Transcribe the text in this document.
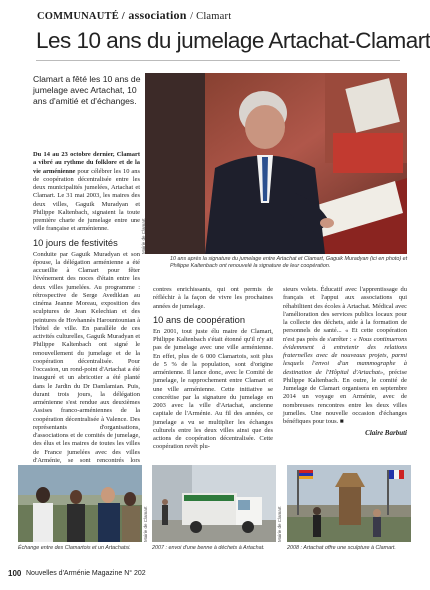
COMMUNAUTÉ / association / Clamart
Les 10 ans du jumelage Artachat-Clamart
Clamart a fêté les 10 ans de jumelage avec Artachat, 10 ans d'amitié et d'échanges.
Mairie de Clamart
10 ans après la signature du jumelage entre Artachat et Clamart, Gaguik Muradyan (ici en photo) et Philippe Kaltenbach ont renouvelé la signature de leur coopération.

Du 14 au 23 octobre dernier, Clamart a vibré au rythme du folklore et de la vie arménienne pour célébrer les 10 ans de coopération décentralisée entre les deux municipalités jumelées, Artachat et Clamart. Le 31 mai 2003, les maires des deux villes, Gaguik Muradyan et Philippe Kaltenbach, signaient la toute première charte de jumelage entre une ville française et arménienne.

10 jours de festivités

Conduite par Gaguik Muradyan et son épouse, la délégation arménienne a été accueillie à Clamart pour fêter l'événement des noces d'étain entre les deux villes jumelées. Au programme : rétrospective de Serge Avedikian au cinéma Jeanne Moreau, exposition des sculptures de Jean Kelechian et des peintures de Hovhannès Harountounian à l'hôtel de ville. En parallèle de ces activités culturelles, Gaguik Muradyan et Philippe Kaltenbach ont signé le renouvellement du jumelage et de la coopération décentralisée. Pour l'occasion, un rond-point d'Artachat a été inauguré et un abricotier a été planté dans le Jardin du Dr Damlamian. Puis, durant trois jours, la délégation arménienne s'est rendue aux deuxièmes Assises franco-arméniennes de la coopération décentralisée à Valence. Des représentants d'organisations, d'associations et de comités de jumelage, des élus et les maires de toutes les villes de France jumelées avec des villes d'Arménie, se sont rencontrés lors

contres enrichissants, qui ont permis de réfléchir à la façon de vivre les prochaines années de jumelage.

10 ans de coopération

En 2001, tout juste élu maire de Clamart, Philippe Kaltenbach s'était étonné qu'il n'y ait pas de jumelage avec une ville arménienne. En effet, plus de 6 000 Clamartois, soit plus de 5 % de la population, sont d'origine arménienne. Il lance donc, avec le Comité de jumelage, le rapprochement entre Clamart et une ville arménienne. Cette initiative se concrétise par la signature du jumelage en 2003 avec la ville d'Artachat, ancienne capitale de l'Arménie. Au fil des années, ce jumelage a vu se multiplier les échanges culturels entre les deux villes ainsi que des actions de coopération décentralisée. Cette coopération revêt plu-

sieurs volets. Éducatif avec l'apprentissage du français et l'appui aux associations qui réhabilitent des écoles à Artachat. Médical avec l'amélioration des services publics locaux pour la collecte des déchets, aide à la formation de personnels de santé... « Et cette coopération n'est pas près de s'arrêter : « Nous continuerons évidemment à entretenir des relations fraternelles avec de nouveaux projets, parmi lesquels l'envoi d'un mammographe à destination de l'Hôpital d'Artachat», précise Philippe Kaltenbach. En outre, le comité de Jumelage de Clamart organisera en septembre 2014 un voyage en Arménie, avec de nombreuses rencontres entre les deux villes jumelles. Une nouvelle occasion d'échanges bénéfiques pour tous. ■

Claire Barbuti

Mairie de Clamart
Échange entre des Clamartois et un Artachatsi.
Mairie de Clamart
2007 : envoi d'une benne à déchets à Artachat.	2008 : Artachat offre une sculpture à Clamart.
100 Nouvelles d'Arménie Magazine N° 202
